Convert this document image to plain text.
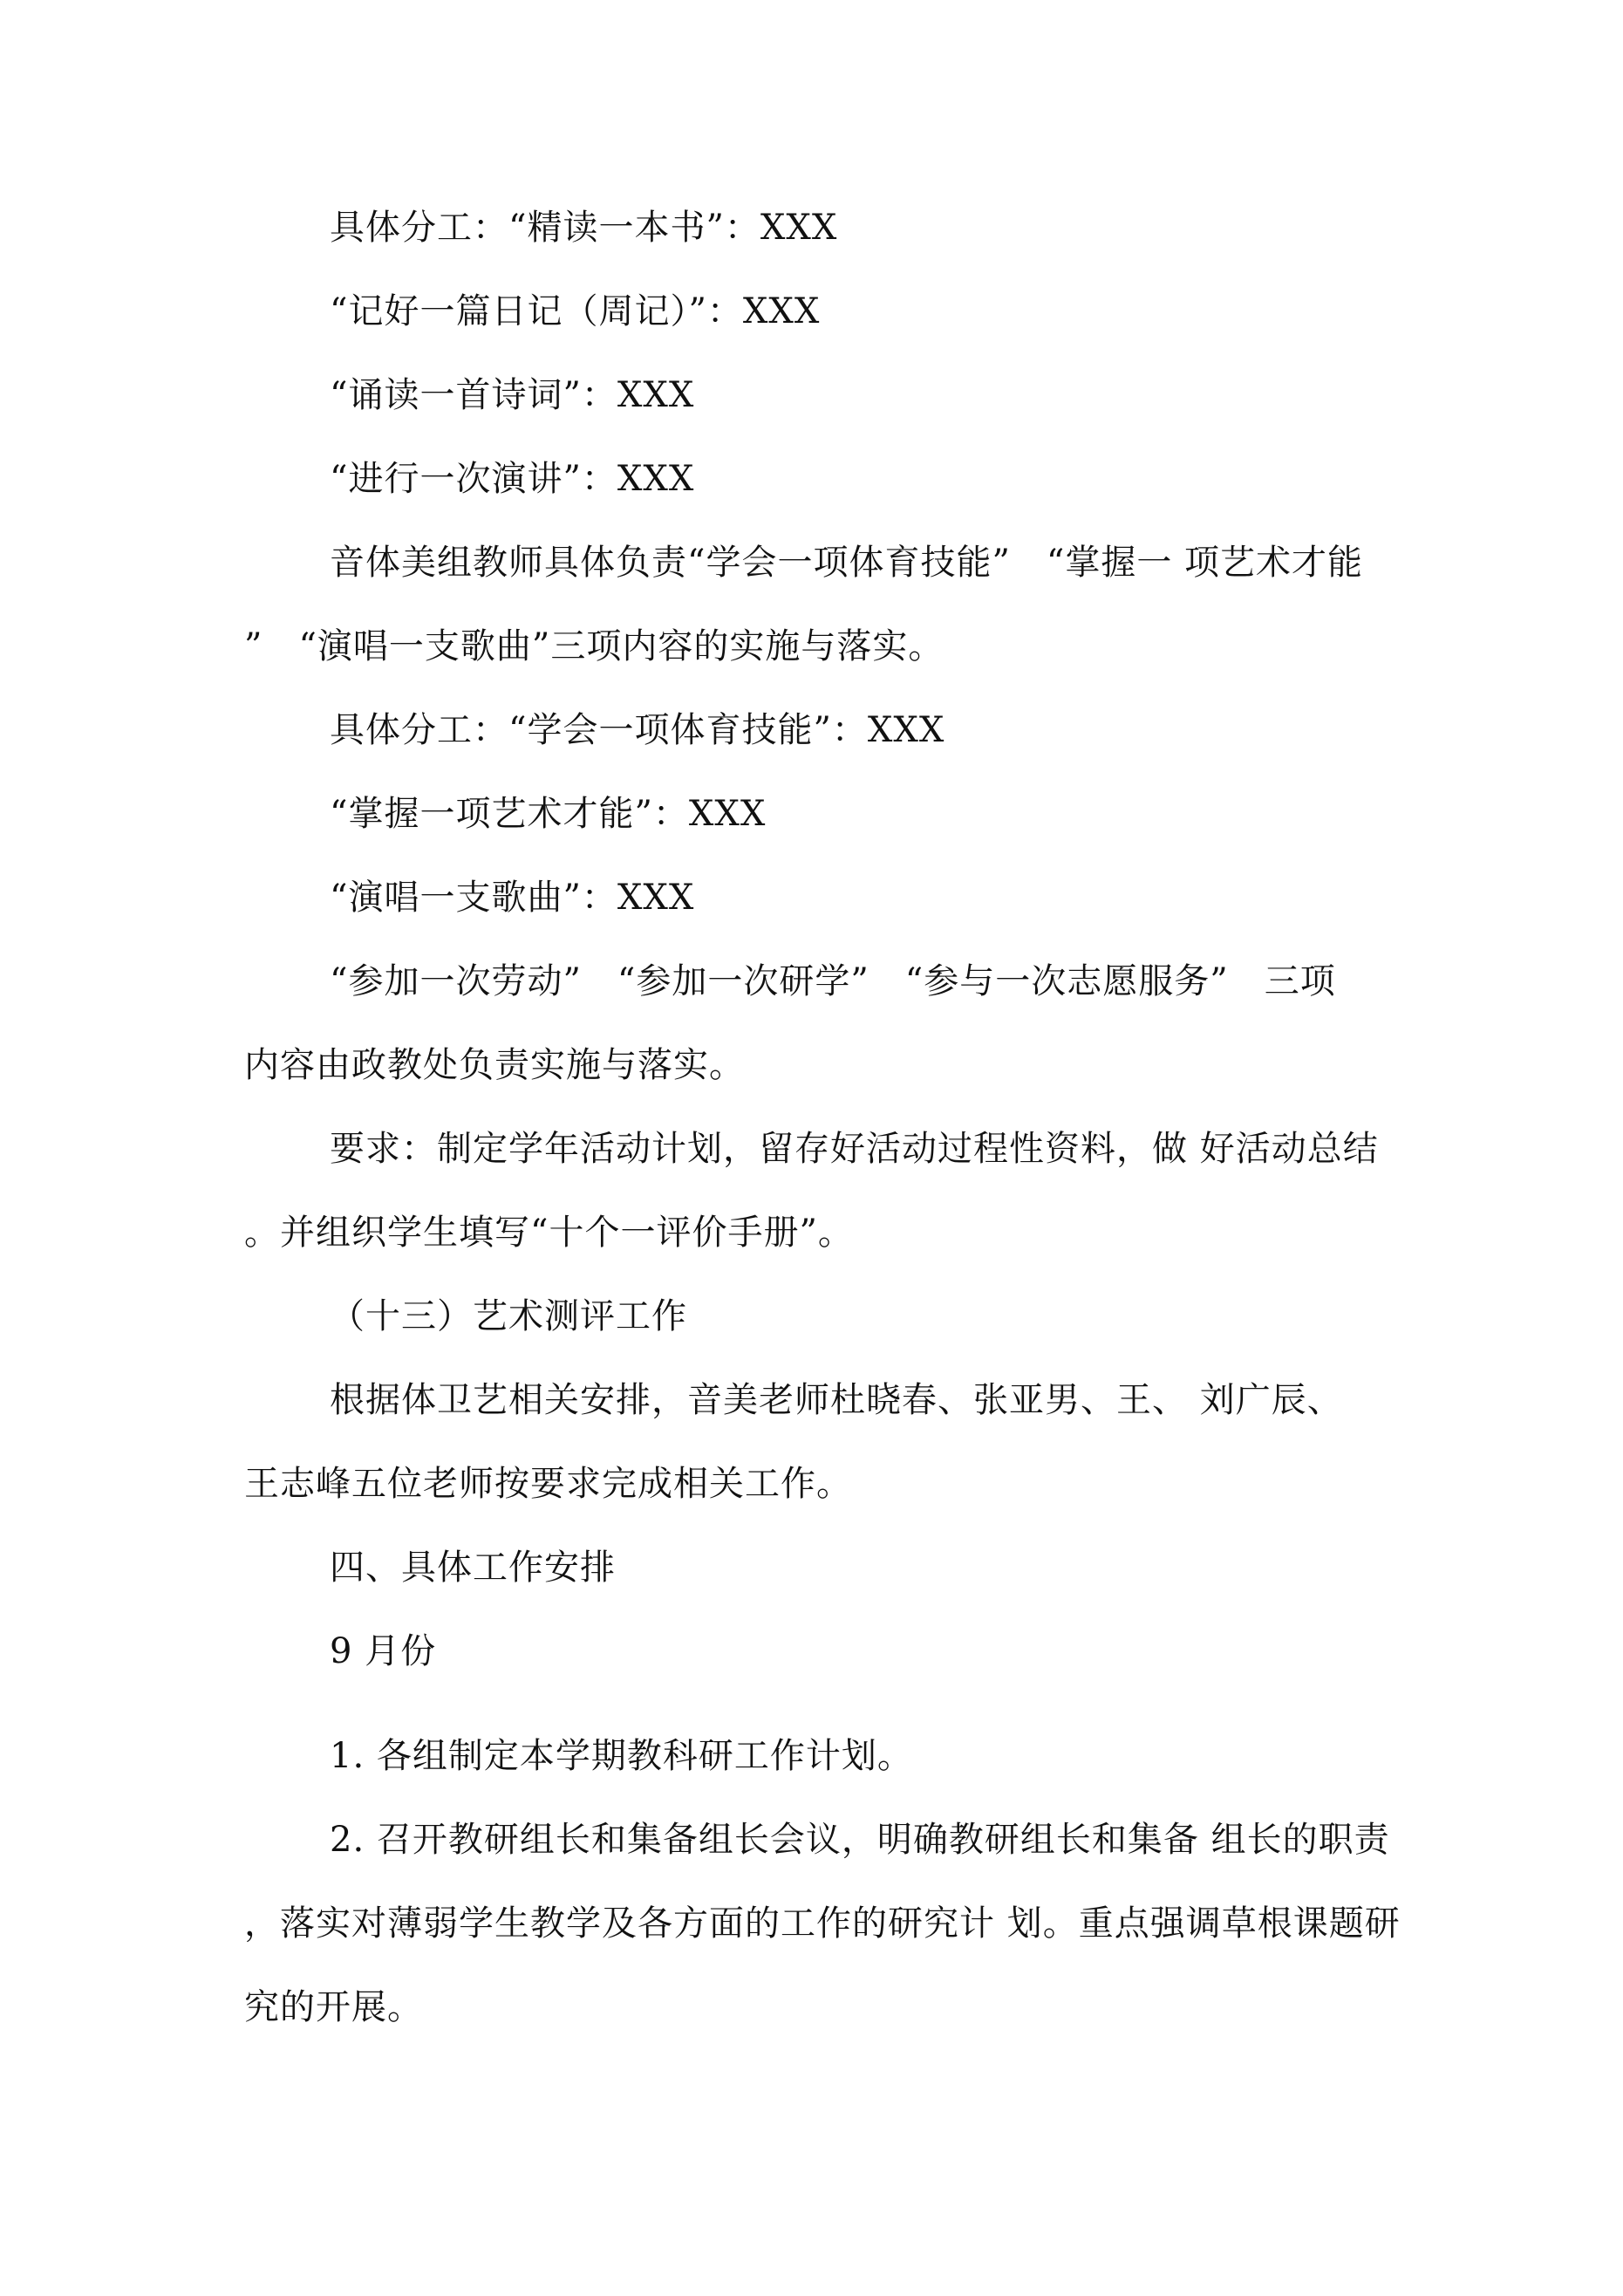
具体分工：“精读一本书”：XXX
“记好一篇日记（周记）”：XXX
“诵读一首诗词”：XXX
“进行一次演讲”：XXX
音体美组教师具体负责“学会一项体育技能”　“掌握一 项艺术才能
”　“演唱一支歌曲”三项内容的实施与落实。
具体分工：“学会一项体育技能”：XXX
“掌握一项艺术才能”：XXX
“演唱一支歌曲”：XXX
“参加一次劳动”　“参加一次研学”　“参与一次志愿服务”　三项
内容由政教处负责实施与落实。
要求：制定学年活动计划，留存好活动过程性资料，做 好活动总结
。并组织学生填写“十个一评价手册”。
（十三）艺术测评工作
根据体卫艺相关安排，音美老师杜晓春、张亚男、王、 刘广辰、
王志峰五位老师按要求完成相关工作。
四、具体工作安排
9 月份
1. 各组制定本学期教科研工作计划。
2. 召开教研组长和集备组长会议，明确教研组长和集备 组长的职责
，落实对薄弱学生教学及各方面的工作的研究计 划。重点强调草根课题研
究的开展。
